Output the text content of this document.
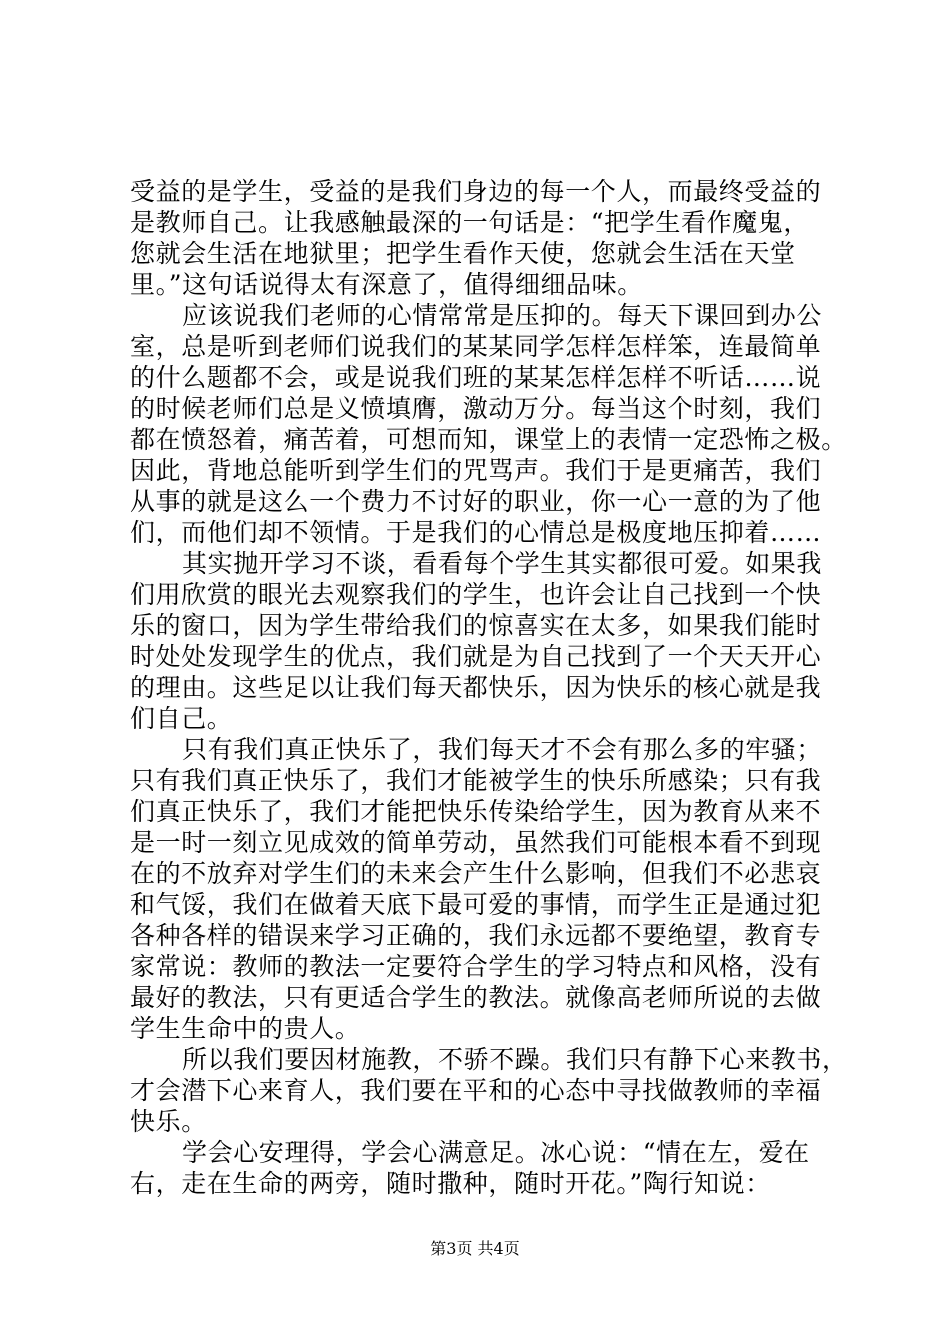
受益的是学生，受益的是我们身边的每一个人，而最终受益的
是教师自己。让我感触最深的一句话是：“把学生看作魔鬼，
您就会生活在地狱里；把学生看作天使，您就会生活在天堂
里。”这句话说得太有深意了，值得细细品味。
应该说我们老师的心情常常是压抑的。每天下课回到办公
室，总是听到老师们说我们的某某同学怎样怎样笨，连最简单
的什么题都不会，或是说我们班的某某怎样怎样不听话……说
的时候老师们总是义愤填膺，激动万分。每当这个时刻，我们
都在愤怒着，痛苦着，可想而知，课堂上的表情一定恐怖之极。
因此，背地总能听到学生们的咒骂声。我们于是更痛苦，我们
从事的就是这么一个费力不讨好的职业，你一心一意的为了他
们，而他们却不领情。于是我们的心情总是极度地压抑着……
其实抛开学习不谈，看看每个学生其实都很可爱。如果我
们用欣赏的眼光去观察我们的学生，也许会让自己找到一个快
乐的窗口，因为学生带给我们的惊喜实在太多，如果我们能时
时处处发现学生的优点，我们就是为自己找到了一个天天开心
的理由。这些足以让我们每天都快乐，因为快乐的核心就是我
们自己。
只有我们真正快乐了，我们每天才不会有那么多的牢骚；
只有我们真正快乐了，我们才能被学生的快乐所感染；只有我
们真正快乐了，我们才能把快乐传染给学生，因为教育从来不
是一时一刻立见成效的简单劳动，虽然我们可能根本看不到现
在的不放弃对学生们的未来会产生什么影响，但我们不必悲哀
和气馁，我们在做着天底下最可爱的事情，而学生正是通过犯
各种各样的错误来学习正确的，我们永远都不要绝望，教育专
家常说：教师的教法一定要符合学生的学习特点和风格，没有
最好的教法，只有更适合学生的教法。就像高老师所说的去做
学生生命中的贵人。
所以我们要因材施教，不骄不躁。我们只有静下心来教书，
才会潜下心来育人，我们要在平和的心态中寻找做教师的幸福
快乐。
学会心安理得，学会心满意足。冰心说：“情在左，爱在
右，走在生命的两旁，随时撒种，随时开花。”陶行知说：
第3页 共4页
